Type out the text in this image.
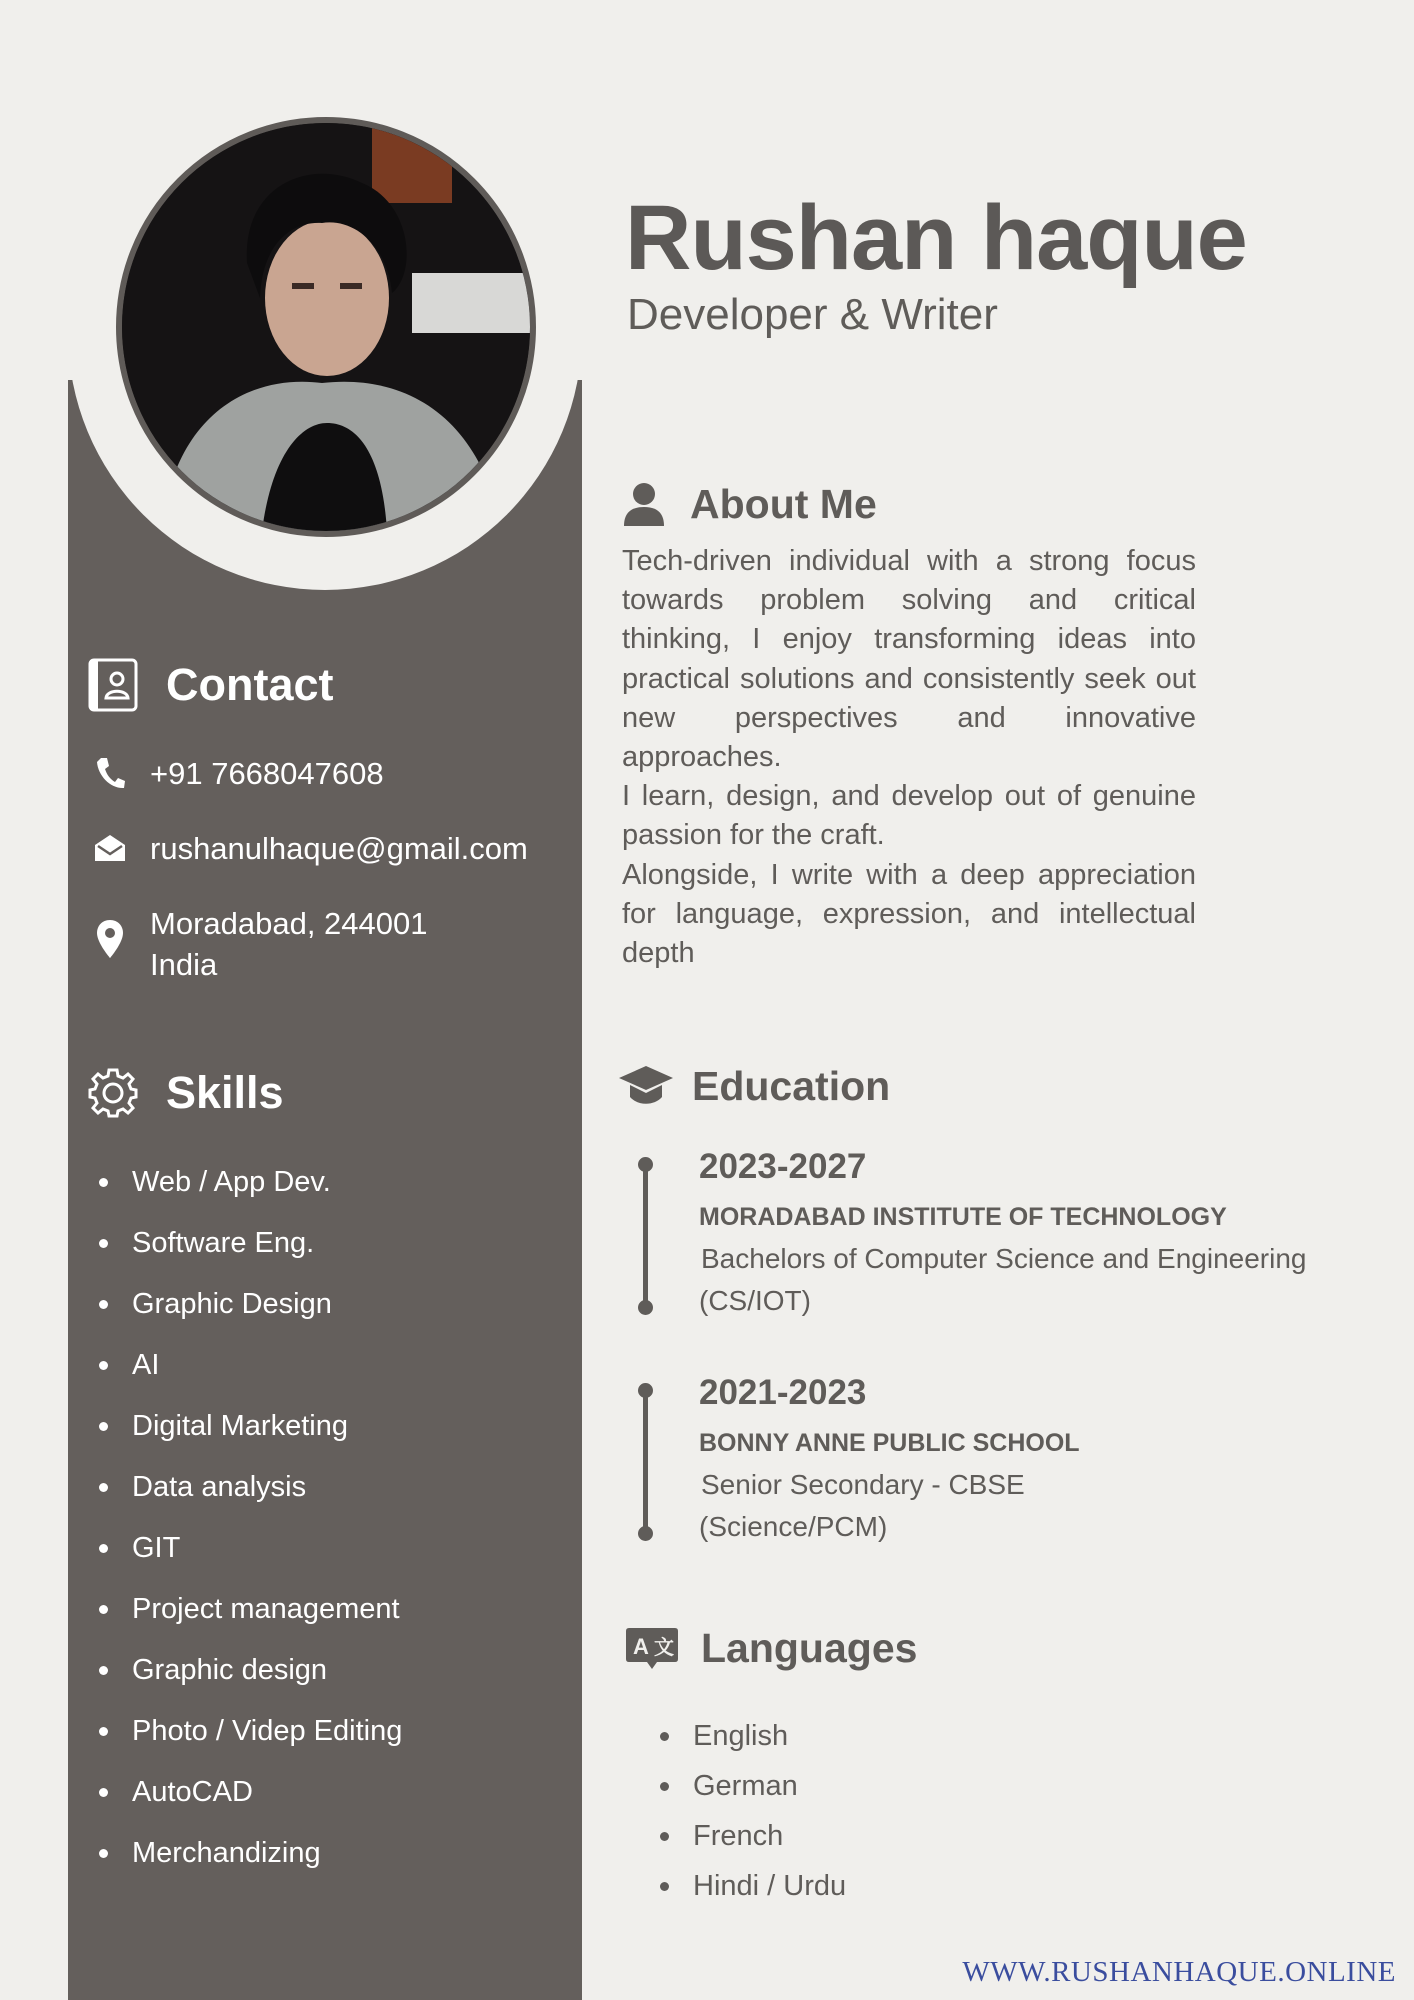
Contact
+91 7668047608
rushanulhaque@gmail.com
Moradabad, 244001
India
Skills
Web / App Dev.
Software Eng.
Graphic Design
AI
Digital Marketing
Data analysis
GIT
Project management
Graphic design
Photo / Videp Editing
AutoCAD
Merchandizing
Rushan haque
Developer & Writer
About Me

Tech-driven individual with a strong focus towards problem solving and critical thinking, I enjoy transforming ideas into practical solutions and consistently seek out new perspectives and innovative approaches.

I learn, design, and develop out of genuine passion for the craft.

Alongside, I write with a deep appreciation for language, expression, and intellectual depth

Education
2023-2027
MORADABAD INSTITUTE OF TECHNOLOGY
Bachelors of Computer Science and Engineering
(CS/IOT)
2021-2023
BONNY ANNE PUBLIC SCHOOL
Senior Secondary - CBSE
(Science/PCM)
A 文 Languages
English
German
French
Hindi / Urdu
WWW.RUSHANHAQUE.ONLINE
